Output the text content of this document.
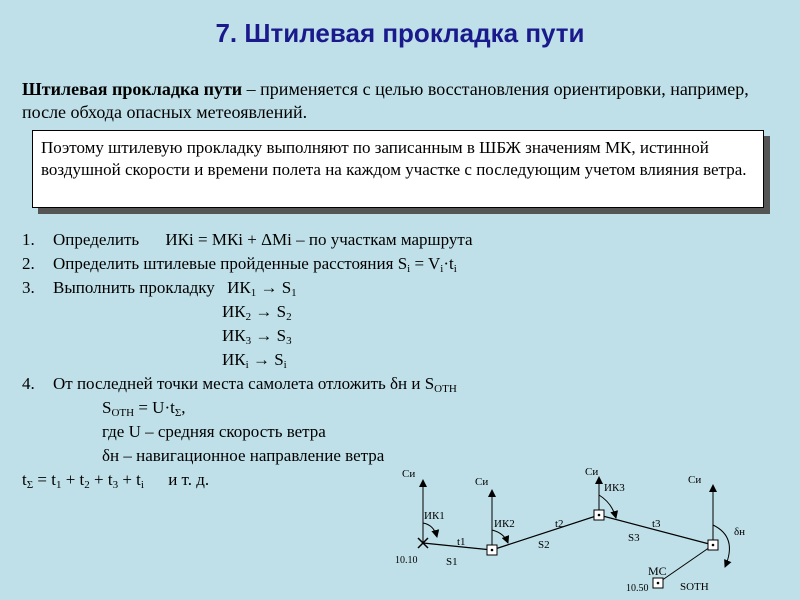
7. Штилевая прокладка пути
Штилевая прокладка пути – применяется с целью восстановления ориентировки, например, после обхода опасных метеоявлений.
Поэтому штилевую прокладку выполняют по записанным в ШБЖ значениям МК, истинной воздушной скорости и времени полета на каждом участке с последующим учетом влияния ветра.
1. Определить ИКi = МКi + ΔМi – по участкам маршрута
2. Определить штилевые пройденные расстояния $S_i = V_i\cdot t_i$
3. Выполнить прокладку $ИК_1 \to S_1$
$ИК_2 \to S_2$
$ИК_3 \to S_3$
$ИК_i \to S_i$
4. От последней точки места самолета отложить δн и $S_{ОТН}$
$S_{ОТН} = U\cdot t_\Sigma$,
где U – средняя скорость ветра
δн – навигационное направление ветра
$t_\Sigma = t_1 + t_2 + t_3 + t_i$ и т. д.	Си
Си
Си
Си
ИК1
ИК2
ИК3
t1
t2	t3
S1
S2
S3
10.10
10.50
МС
SОТН
δн
